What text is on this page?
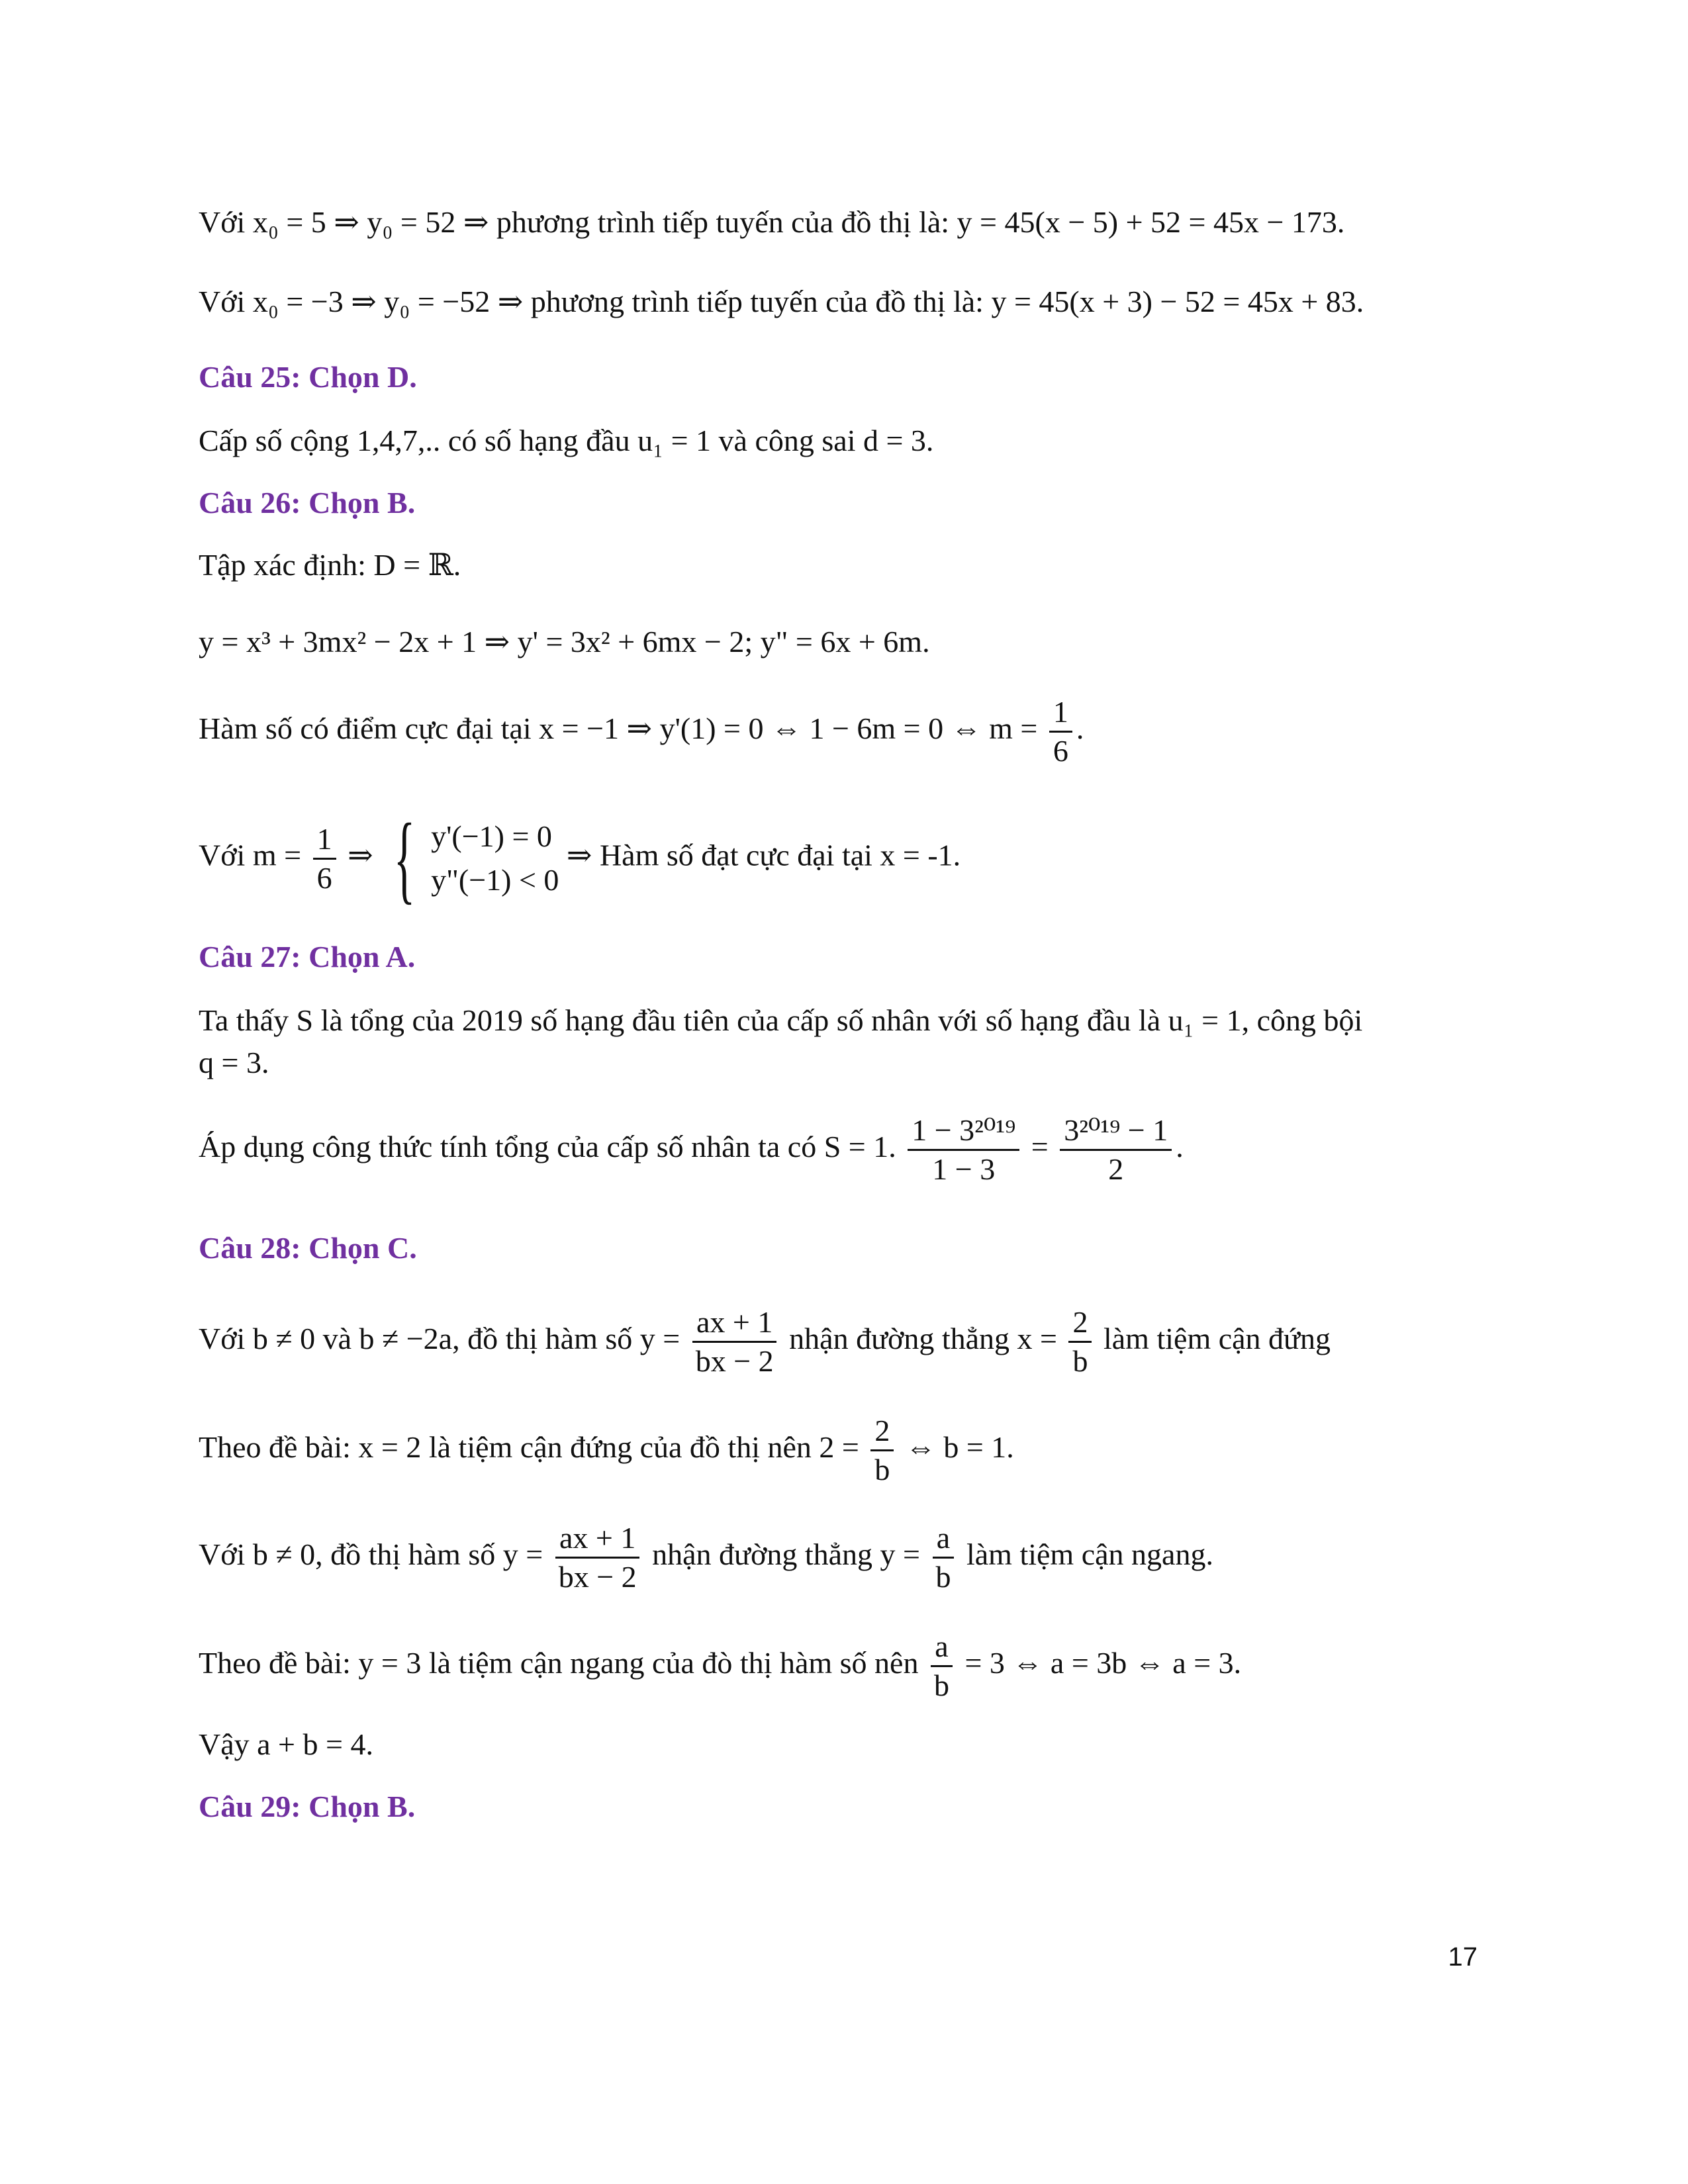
Với x₀ = 5 ⇒ y₀ = 52 ⇒ phương trình tiếp tuyến của đồ thị là: y = 45(x − 5) + 52 = 45x − 173.
Với x₀ = −3 ⇒ y₀ = −52 ⇒ phương trình tiếp tuyến của đồ thị là: y = 45(x + 3) − 52 = 45x + 83.
Câu 25: Chọn D.
Cấp số cộng 1,4,7,.. có số hạng đầu u₁ = 1 và công sai d = 3.
Câu 26: Chọn B.
Tập xác định: D = ℝ.
y = x³ + 3mx² − 2x + 1 ⇒ y' = 3x² + 6mx − 2; y" = 6x + 6m.
Hàm số có điểm cực đại tại x = −1 ⇒ y'(1) = 0 ⇔ 1 − 6m = 0 ⇔ $m = \frac{1}{6}$ .
Với $m = \frac{1}{6}$ ⇒ { y'(−1) = 0
y"(−1) < 0
⇒ Hàm số đạt cực đại tại x = -1.
Câu 27: Chọn A.
Ta thấy S là tổng của 2019 số hạng đầu tiên của cấp số nhân với số hạng đầu là u₁ = 1, công bội
q = 3.
Áp dụng công thức tính tổng của cấp số nhân ta có S = 1. $\frac{\text{1 − 3²⁰¹⁹}}{1 - 3} = \frac{\text{3²⁰¹⁹ − 1}}{2}$ .
Câu 28: Chọn C.
Với b ≠ 0 và b ≠ −2a, đồ thị hàm số $y = \frac{ax + 1}{bx - 2}$ nhận đường thẳng $x = \frac{2}{b}$ làm tiệm cận đứng
Theo đề bài: x = 2 là tiệm cận đứng của đồ thị nên $2 = \frac{2}{b}$ ⇔ b = 1.
Với b ≠ 0, đồ thị hàm số $y = \frac{ax + 1}{bx - 2}$ nhận đường thẳng $y = \frac{a}{b}$ làm tiệm cận ngang.
Theo đề bài: y = 3 là tiệm cận ngang của đò thị hàm số nên $\frac{a}{b} = 3$ ⇔ a = 3b ⇔ a = 3.
Vậy a + b = 4.
Câu 29: Chọn B.
17
